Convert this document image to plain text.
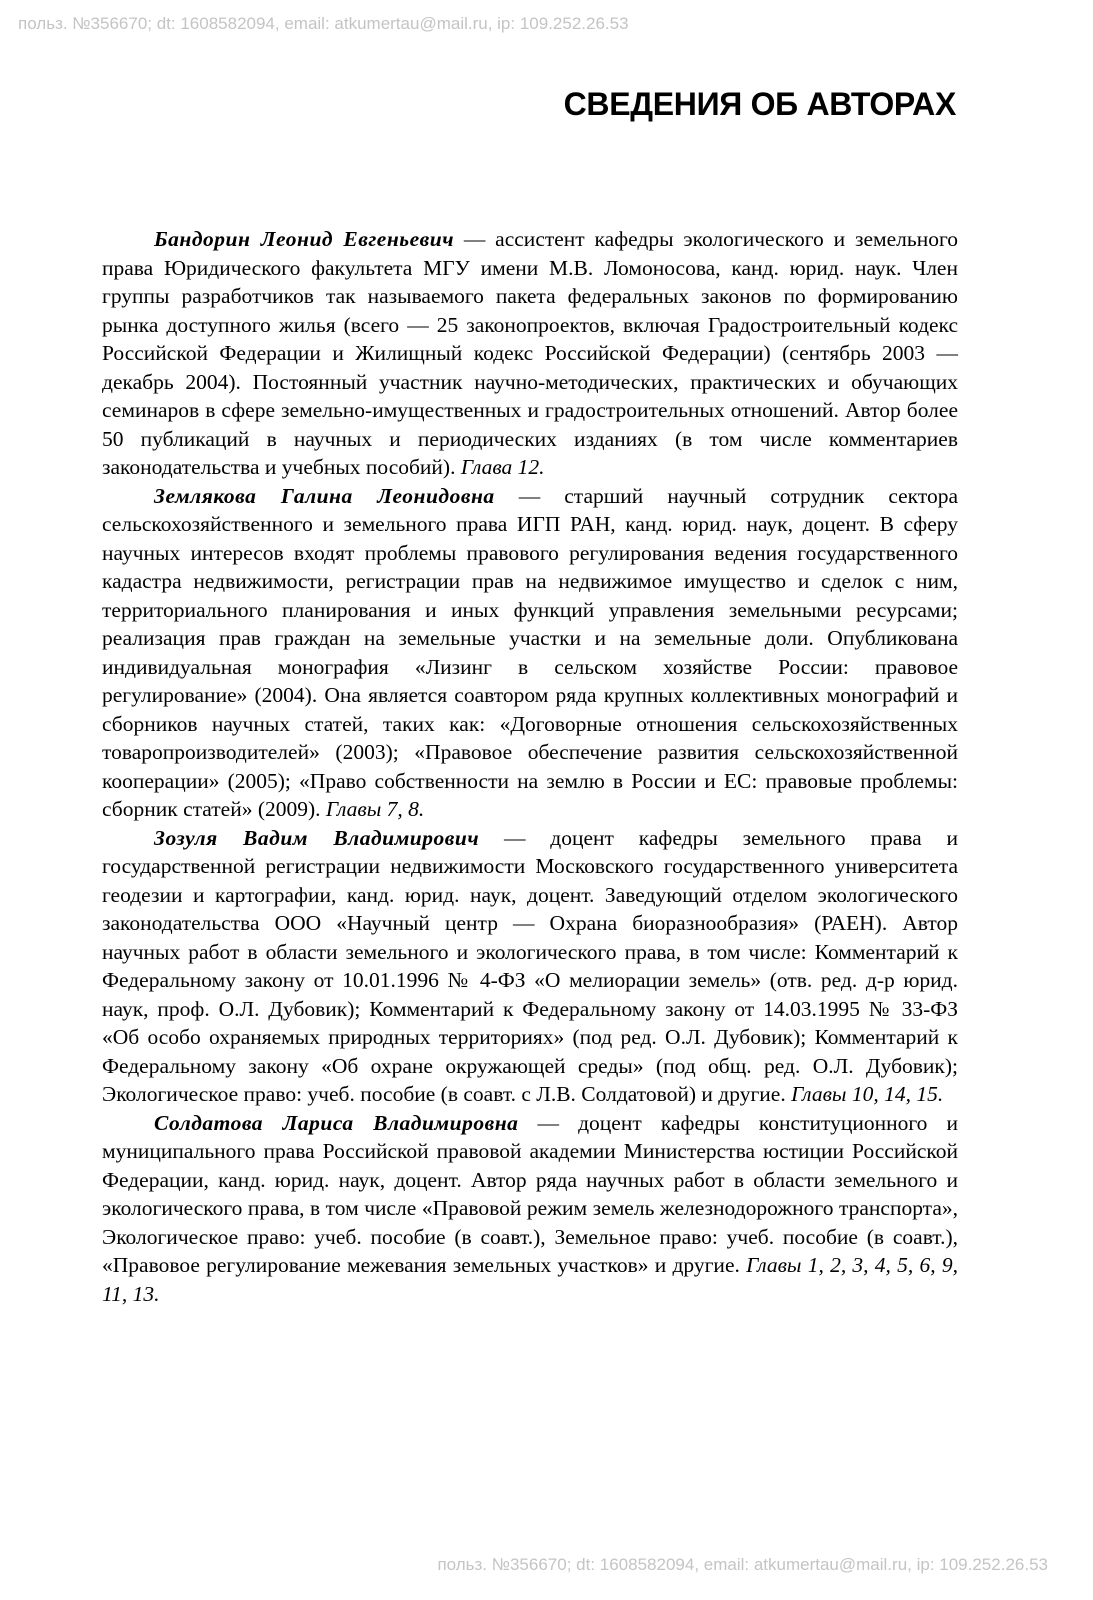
польз. №356670; dt: 1608582094, email: atkumertau@mail.ru, ip: 109.252.26.53
СВЕДЕНИЯ ОБ АВТОРАХ

Бандорин Леонид Евгеньевич — ассистент кафедры экологического и земельного права Юридического факультета МГУ имени М.В. Ломоносова, канд. юрид. наук. Член группы разработчиков так называемого пакета федеральных законов по формированию рынка доступного жилья (всего — 25 законопроектов, включая Градостроительный кодекс Российской Федерации и Жилищный кодекс Российской Федерации) (сентябрь 2003 — декабрь 2004). Постоянный участник научно-методических, практических и обучающих семинаров в сфере земельно-имущественных и градостроительных отношений. Автор более 50 публикаций в научных и периодических изданиях (в том числе комментариев законодательства и учебных пособий). Глава 12.

Землякова Галина Леонидовна — старший научный сотрудник сектора сельскохозяйственного и земельного права ИГП РАН, канд. юрид. наук, доцент. В сферу научных интересов входят проблемы правового регулирования ведения государственного кадастра недвижимости, регистрации прав на недвижимое имущество и сделок с ним, территориального планирования и иных функций управления земельными ресурсами; реализация прав граждан на земельные участки и на земельные доли. Опубликована индивидуальная монография «Лизинг в сельском хозяйстве России: правовое регулирование» (2004). Она является соавтором ряда крупных коллективных монографий и сборников научных статей, таких как: «Договорные отношения сельскохозяйственных товаропроизводителей» (2003); «Правовое обеспечение развития сельскохозяйственной кооперации» (2005); «Право собственности на землю в России и ЕС: правовые проблемы: сборник статей» (2009). Главы 7, 8.

Зозуля Вадим Владимирович — доцент кафедры земельного права и государственной регистрации недвижимости Московского государственного университета геодезии и картографии, канд. юрид. наук, доцент. Заведующий отделом экологического законодательства ООО «Научный центр — Охрана биоразнообразия» (РАЕН). Автор научных работ в области земельного и экологического права, в том числе: Комментарий к Федеральному закону от 10.01.1996 № 4-ФЗ «О мелиорации земель» (отв. ред. д-р юрид. наук, проф. О.Л. Дубовик); Комментарий к Федеральному закону от 14.03.1995 № 33-ФЗ «Об особо охраняемых природных территориях» (под ред. О.Л. Дубовик); Комментарий к Федеральному закону «Об охране окружающей среды» (под общ. ред. О.Л. Дубовик); Экологическое право: учеб. пособие (в соавт. с Л.В. Солдатовой) и другие. Главы 10, 14, 15.

Солдатова Лариса Владимировна — доцент кафедры конституционного и муниципального права Российской правовой академии Министерства юстиции Российской Федерации, канд. юрид. наук, доцент. Автор ряда научных работ в области земельного и экологического права, в том числе «Правовой режим земель железнодорожного транспорта», Экологическое право: учеб. пособие (в соавт.), Земельное право: учеб. пособие (в соавт.), «Правовое регулирование межевания земельных участков» и другие. Главы 1, 2, 3, 4, 5, 6, 9, 11, 13.

польз. №356670; dt: 1608582094, email: atkumertau@mail.ru, ip: 109.252.26.53
